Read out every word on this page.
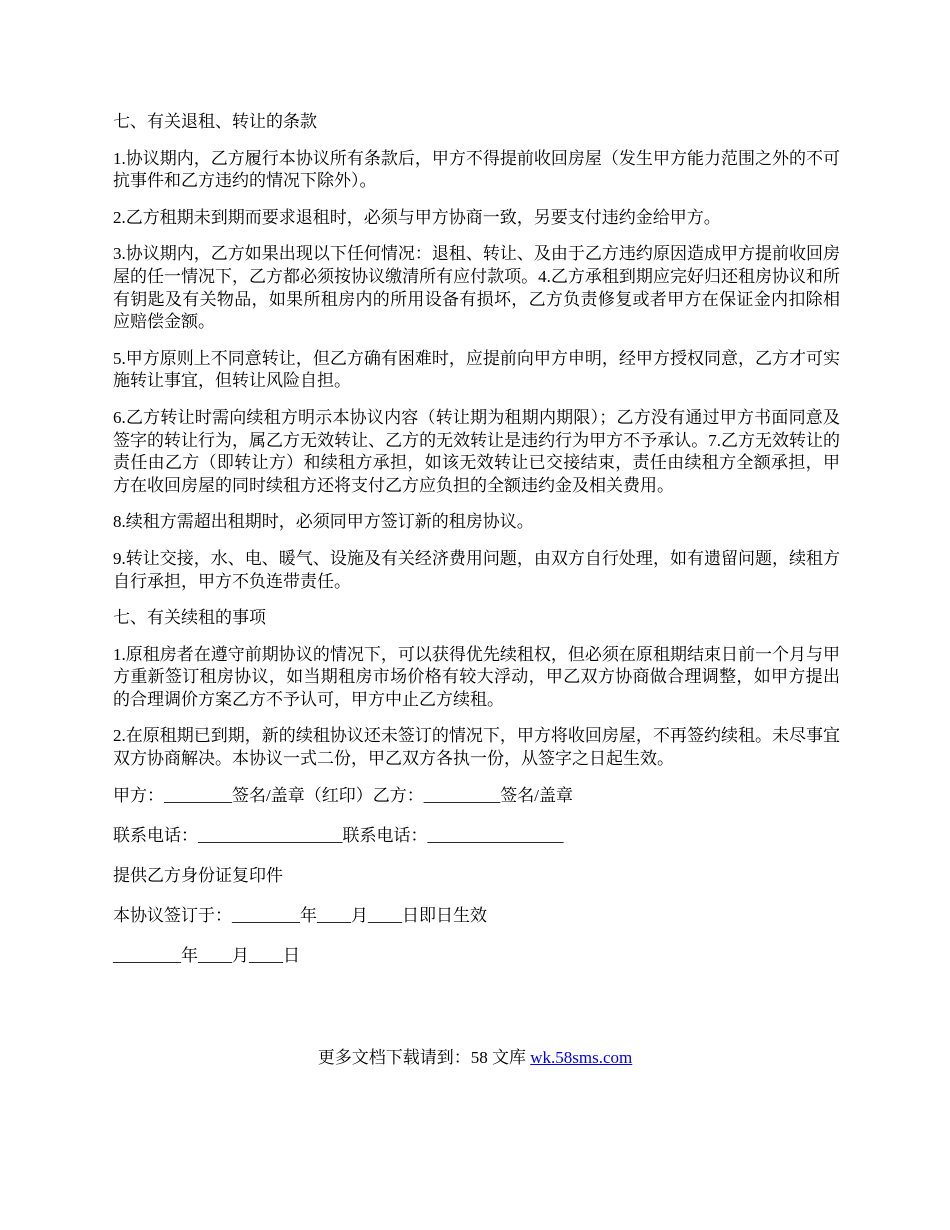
七、有关退租、转让的条款

1.协议期内，乙方履行本协议所有条款后，甲方不得提前收回房屋（发生甲方能力范围之外的不可抗事件和乙方违约的情况下除外）。

2.乙方租期未到期而要求退租时，必须与甲方协商一致，另要支付违约金给甲方。

3.协议期内，乙方如果出现以下任何情况：退租、转让、及由于乙方违约原因造成甲方提前收回房屋的任一情况下，乙方都必须按协议缴清所有应付款项。4.乙方承租到期应完好归还租房协议和所有钥匙及有关物品，如果所租房内的所用设备有损坏，乙方负责修复或者甲方在保证金内扣除相应赔偿金额。

5.甲方原则上不同意转让，但乙方确有困难时，应提前向甲方申明，经甲方授权同意，乙方才可实施转让事宜，但转让风险自担。

6.乙方转让时需向续租方明示本协议内容（转让期为租期内期限）；乙方没有通过甲方书面同意及签字的转让行为，属乙方无效转让、乙方的无效转让是违约行为甲方不予承认。7.乙方无效转让的责任由乙方（即转让方）和续租方承担，如该无效转让已交接结束，责任由续租方全额承担，甲方在收回房屋的同时续租方还将支付乙方应负担的全额违约金及相关费用。

8.续租方需超出租期时，必须同甲方签订新的租房协议。

9.转让交接，水、电、暖气、设施及有关经济费用问题，由双方自行处理，如有遗留问题，续租方自行承担，甲方不负连带责任。

七、有关续租的事项

1.原租房者在遵守前期协议的情况下，可以获得优先续租权，但必须在原租期结束日前一个月与甲方重新签订租房协议，如当期租房市场价格有较大浮动，甲乙双方协商做合理调整，如甲方提出的合理调价方案乙方不予认可，甲方中止乙方续租。

2.在原租期已到期，新的续租协议还未签订的情况下，甲方将收回房屋，不再签约续租。未尽事宜双方协商解决。本协议一式二份，甲乙双方各执一份，从签字之日起生效。

甲方：________签名/盖章（红印）乙方：_________签名/盖章

联系电话：_________________联系电话：________________

提供乙方身份证复印件

本协议签订于：________年____月____日即日生效

________年____月____日

更多文档下载请到：58 文库 wk.58sms.com
